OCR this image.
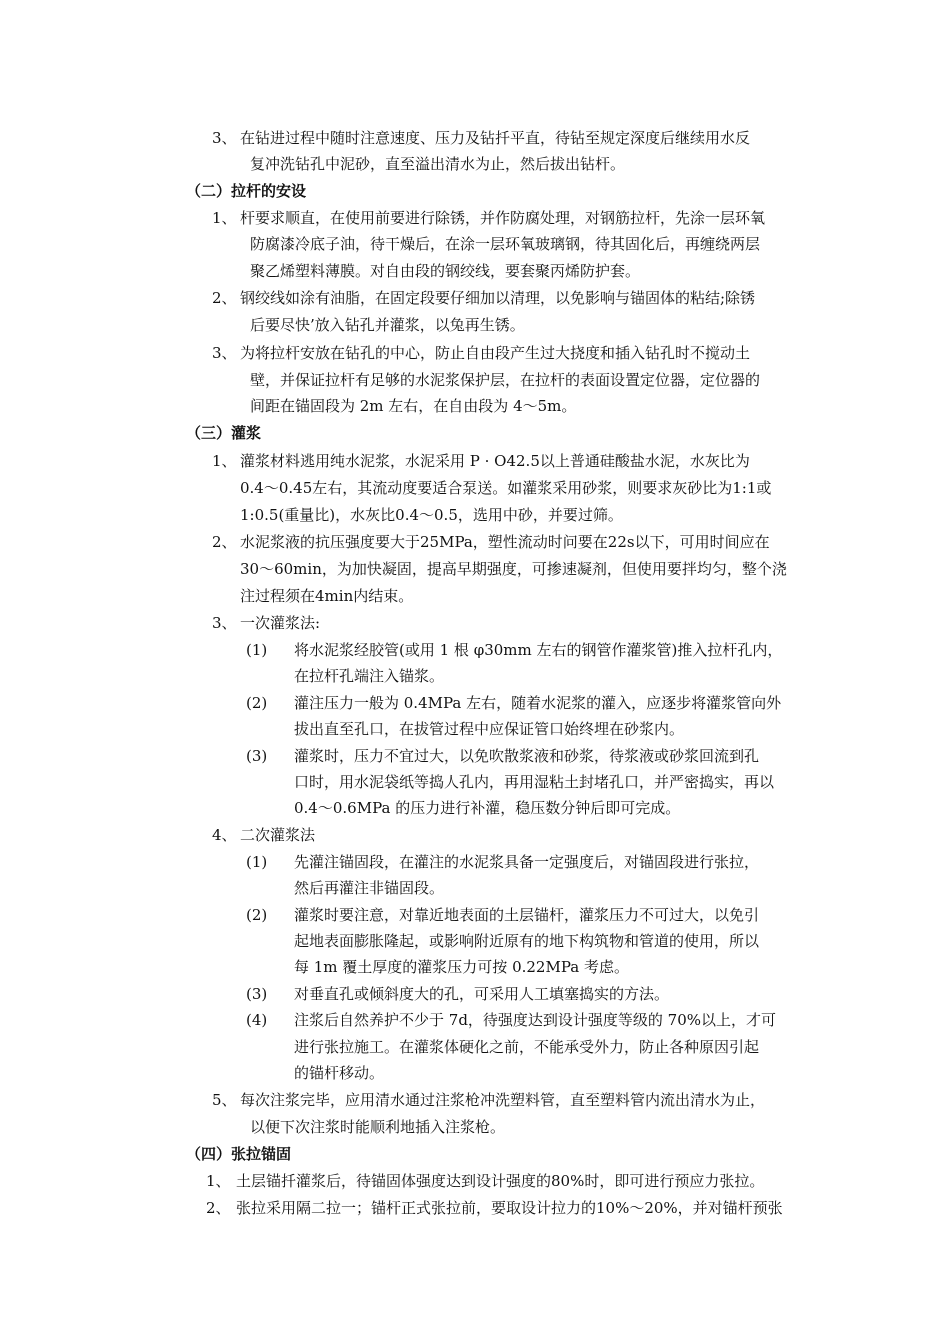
3、 在钻进过程中随时注意速度、压力及钻扦平直，待钻至规定深度后继续用水反
复冲洗钻孔中泥砂，直至溢出清水为止，然后拔出钻杆。
（二）拉杆的安设
1、 杆要求顺直，在使用前要进行除锈，并作防腐处理，对钢筋拉杆，先涂一层环氧
防腐漆冷底子油，待干燥后，在涂一层环氧玻璃钢，待其固化后，再缠绕两层
聚乙烯塑料薄膜。对自由段的钢绞线，要套聚丙烯防护套。
2、 钢绞线如涂有油脂，在固定段要仔细加以清理，以免影响与锚固体的粘结;除锈
后要尽快’放入钻孔并灌浆，以兔再生锈。
3、 为将拉杆安放在钻孔的中心，防止自由段产生过大挠度和插入钻孔时不搅动土
壁，并保证拉杆有足够的水泥浆保护层，在拉杆的表面设置定位器，定位器的
间距在锚固段为 2m 左右，在自由段为 4～5m。
（三）灌浆
1、 灌浆材料逃用纯水泥浆，水泥采用 P · O42.5以上普通硅酸盐水泥，水灰比为
0.4～0.45左右，其流动度要适合泵送。如灌浆采用砂浆，则要求灰砂比为1:1或
1:0.5(重量比)，水灰比0.4～0.5，选用中砂，并要过筛。
2、 水泥浆液的抗压强度要大于25MPa，塑性流动时问要在22s以下，可用时间应在
30～60min，为加快凝固，提高早期强度，可掺速凝剂，但使用要拌均匀，整个浇
注过程须在4min内结束。
3、 一次灌浆法:
(1) 将水泥浆经胶管(或用 1 根 φ30mm 左右的钢管作灌浆管)推入拉杆孔内，
在拉杆孔端注入锚浆。
(2) 灌注压力一般为 0.4MPa 左右，随着水泥浆的灌入，应逐步将灌浆管向外
拔出直至孔口，在拔管过程中应保证管口始终埋在砂浆内。
(3) 灌浆时，压力不宜过大，以免吹散浆液和砂浆，待浆液或砂浆回流到孔
口时，用水泥袋纸等捣人孔内，再用湿粘土封堵孔口，并严密捣实，再以
0.4～0.6MPa 的压力进行补灌，稳压数分钟后即可完成。
4、 二次灌浆法
(1) 先灌注锚固段，在灌注的水泥浆具备一定强度后，对锚固段进行张拉，
然后再灌注非锚固段。
(2) 灌浆时要注意，对靠近地表面的土层锚杆，灌浆压力不可过大，以免引
起地表面膨胀隆起，或影响附近原有的地下构筑物和管道的使用，所以
每 1m 覆土厚度的灌浆压力可按 0.22MPa 考虑。
(3) 对垂直孔或倾斜度大的孔，可采用人工填塞捣实的方法。
(4) 注浆后自然养护不少于 7d，待强度达到设计强度等级的 70%以上，才可
进行张拉施工。在灌浆体硬化之前，不能承受外力，防止各种原因引起
的锚杆移动。
5、 每次注浆完毕，应用清水通过注浆枪冲洗塑料管，直至塑料管内流出清水为止，
以便下次注浆时能顺利地插入注浆枪。
（四）张拉锚固
1、 土层锚扦灌浆后，待锚固体强度达到设计强度的80%时，即可进行预应力张拉。
2、 张拉采用隔二拉一；锚杆正式张拉前，要取设计拉力的10%～20%，并对锚杆预张
